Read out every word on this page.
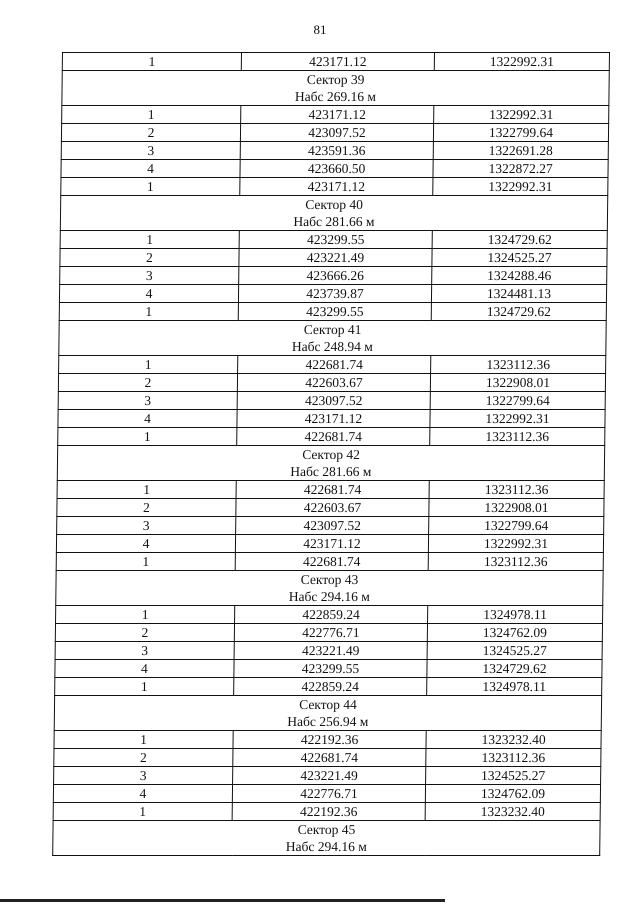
81
1	423171.12	1322992.31

Сектор 39
Набс 269.16 м		

1	423171.12	1322992.31
2	423097.52	1322799.64
3	423591.36	1322691.28
4	423660.50	1322872.27
1	423171.12	1322992.31

Сектор 40
Набс 281.66 м		

1	423299.55	1324729.62
2	423221.49	1324525.27
3	423666.26	1324288.46
4	423739.87	1324481.13
1	423299.55	1324729.62

Сектор 41
Набс 248.94 м		

1	422681.74	1323112.36
2	422603.67	1322908.01
3	423097.52	1322799.64
4	423171.12	1322992.31
1	422681.74	1323112.36

Сектор 42
Набс 281.66 м		

1	422681.74	1323112.36
2	422603.67	1322908.01
3	423097.52	1322799.64
4	423171.12	1322992.31
1	422681.74	1323112.36

Сектор 43
Набс 294.16 м		

1	422859.24	1324978.11
2	422776.71	1324762.09
3	423221.49	1324525.27
4	423299.55	1324729.62
1	422859.24	1324978.11

Сектор 44
Набс 256.94 м		

1	422192.36	1323232.40
2	422681.74	1323112.36
3	423221.49	1324525.27
4	422776.71	1324762.09
1	422192.36	1323232.40

Сектор 45
Набс 294.16 м		
